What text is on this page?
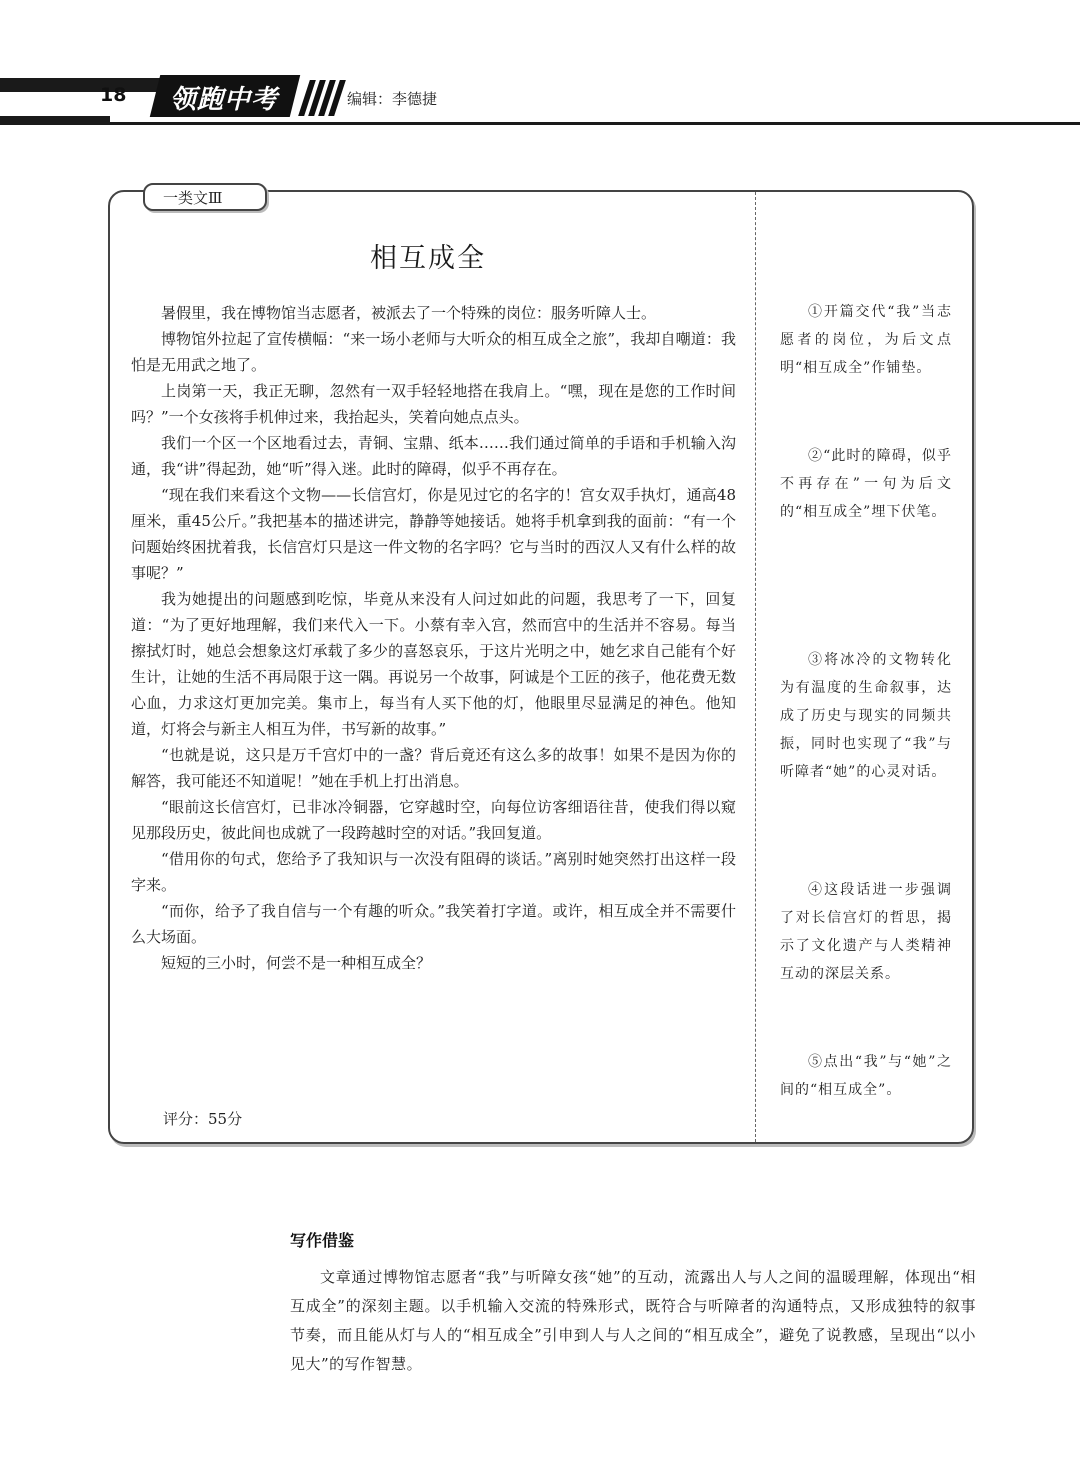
18	领跑中考	编辑：李德捷
一类文Ⅲ
相互成全

暑假里，我在博物馆当志愿者，被派去了一个特殊的岗位：服务听障人士。

博物馆外拉起了宣传横幅：“来一场小老师与大听众的相互成全之旅”，我却自嘲道：我怕是无用武之地了。

上岗第一天，我正无聊，忽然有一双手轻轻地搭在我肩上。“嘿，现在是您的工作时间吗？”一个女孩将手机伸过来，我抬起头，笑着向她点点头。

我们一个区一个区地看过去，青铜、宝鼎、纸本……我们通过简单的手语和手机输入沟通，我“讲”得起劲，她“听”得入迷。此时的障碍，似乎不再存在。

“现在我们来看这个文物——长信宫灯，你是见过它的名字的！宫女双手执灯，通高48厘米，重45公斤。”我把基本的描述讲完，静静等她接话。她将手机拿到我的面前：“有一个问题始终困扰着我，长信宫灯只是这一件文物的名字吗？它与当时的西汉人又有什么样的故事呢？”

我为她提出的问题感到吃惊，毕竟从来没有人问过如此的问题，我思考了一下，回复道：“为了更好地理解，我们来代入一下。小蔡有幸入宫，然而宫中的生活并不容易。每当擦拭灯时，她总会想象这灯承载了多少的喜怒哀乐，于这片光明之中，她乞求自己能有个好生计，让她的生活不再局限于这一隅。再说另一个故事，阿诚是个工匠的孩子，他花费无数心血，力求这灯更加完美。集市上，每当有人买下他的灯，他眼里尽显满足的神色。他知道，灯将会与新主人相互为伴，书写新的故事。”

“也就是说，这只是万千宫灯中的一盏？背后竟还有这么多的故事！如果不是因为你的解答，我可能还不知道呢！”她在手机上打出消息。

“眼前这长信宫灯，已非冰冷铜器，它穿越时空，向每位访客细语往昔，使我们得以窥见那段历史，彼此间也成就了一段跨越时空的对话。”我回复道。

“借用你的句式，您给予了我知识与一次没有阻碍的谈话。”离别时她突然打出这样一段字来。

“而你，给予了我自信与一个有趣的听众。”我笑着打字道。或许，相互成全并不需要什么大场面。

短短的三小时，何尝不是一种相互成全？

评分：55分

①开篇交代“我”当志愿者的岗位，为后文点明“相互成全”作铺垫。

②“此时的障碍，似乎不再存在”一句为后文的“相互成全”埋下伏笔。

③将冰冷的文物转化为有温度的生命叙事，达成了历史与现实的同频共振，同时也实现了“我”与听障者“她”的心灵对话。

④这段话进一步强调了对长信宫灯的哲思，揭示了文化遗产与人类精神互动的深层关系。

⑤点出“我”与“她”之间的“相互成全”。

写作借鉴

文章通过博物馆志愿者“我”与听障女孩“她”的互动，流露出人与人之间的温暖理解，体现出“相互成全”的深刻主题。以手机输入交流的特殊形式，既符合与听障者的沟通特点，又形成独特的叙事节奏，而且能从灯与人的“相互成全”引申到人与人之间的“相互成全”，避免了说教感，呈现出“以小见大”的写作智慧。
